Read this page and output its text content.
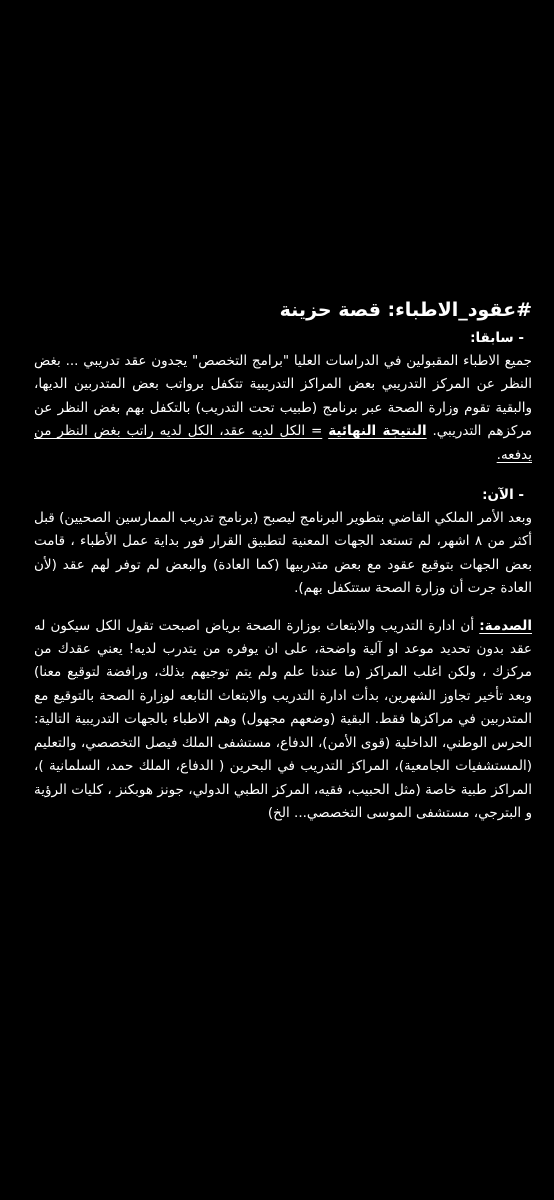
#عقود_الاطباء: قصة حزينة
- سابقا:

جميع الاطباء المقبولين في الدراسات العليا "برامج التخصص" يجدون عقد تدريبي ... بغض النظر عن المركز التدريبي بعض المراكز التدريبية تتكفل برواتب بعض المتدربين الديها، والبقية تقوم وزارة الصحة عبر برنامج (طبيب تحت التدريب) بالتكفل بهم بغض النظر عن مركزهم التدريبي. النتيجة النهائية = الكل لديه عقد، الكل لديه راتب بغض النظر من يدفعه.

- الآن:

وبعد الأمر الملكي القاضي بتطوير البرنامج ليصبح (برنامج تدريب الممارسين الصحيين) قبل أكثر من ٨ اشهر، لم تستعد الجهات المعنية لتطبيق القرار فور بداية عمل الأطباء ، قامت بعض الجهات بتوقيع عقود مع بعض متدربيها (كما العادة) والبعض لم توفر لهم عقد (لأن العادة جرت أن وزارة الصحة ستتكفل بهم).

الصدمة: أن ادارة التدريب والابتعاث بوزارة الصحة برياض اصبحت تقول الكل سيكون له عقد بدون تحديد موعد او آلية واضحة، على ان يوفره من يتدرب لديه! يعني عقدك من مركزك ، ولكن اغلب المراكز (ما عندنا علم ولم يتم توجيهم بذلك، ورافضة لتوقيع معنا) وبعد تأخير تجاوز الشهرين، بدأت ادارة التدريب والابتعاث التابعه لوزارة الصحة بالتوقيع مع المتدربين في مراكزها فقط. البقية (وضعهم مجهول) وهم الاطباء بالجهات التدريبية التالية: الحرس الوطني، الداخلية (قوى الأمن)، الدفاع، مستشفى الملك فيصل التخصصي، والتعليم (المستشفيات الجامعية)، المراكز التدريب في البحرين ( الدفاع، الملك حمد، السلمانية )، المراكز طبية خاصة (مثل الحبيب، فقيه، المركز الطبي الدولي، جونز هوبكنز ، كليات الرؤية و البترجي، مستشفى الموسى التخصصي... الخ)
